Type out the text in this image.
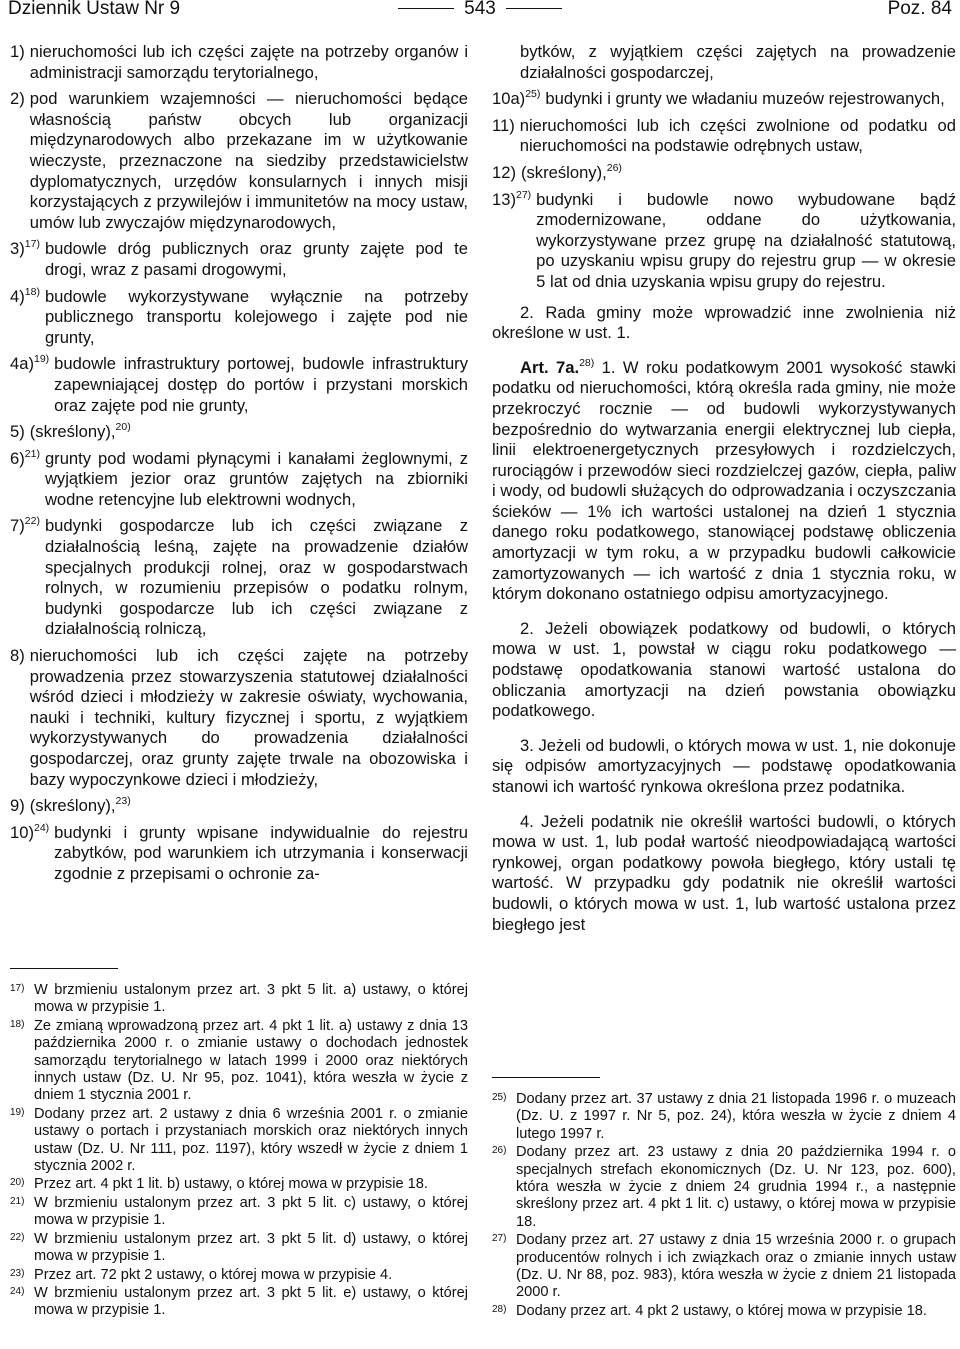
Dziennik Ustaw Nr 9	543	Poz. 84
1) nieruchomości lub ich części zajęte na potrzeby organów i administracji samorządu terytorialnego,
2) pod warunkiem wzajemności — nieruchomości będące własnością państw obcych lub organizacji międzynarodowych albo przekazane im w użytkowanie wieczyste, przeznaczone na siedziby przedstawicielstw dyplomatycznych, urzędów konsularnych i innych misji korzystających z przywilejów i immunitetów na mocy ustaw, umów lub zwyczajów międzynarodowych,
3)$^{17)}$ budowle dróg publicznych oraz grunty zajęte pod te drogi, wraz z pasami drogowymi,
4)$^{18)}$ budowle wykorzystywane wyłącznie na potrzeby publicznego transportu kolejowego i zajęte pod nie grunty,
4a)$^{19)}$ budowle infrastruktury portowej, budowle infrastruktury zapewniającej dostęp do portów i przystani morskich oraz zajęte pod nie grunty,
5) (skreślony),$^{20)}$
6)$^{21)}$ grunty pod wodami płynącymi i kanałami żeglownymi, z wyjątkiem jezior oraz gruntów zajętych na zbiorniki wodne retencyjne lub elektrowni wodnych,
7)$^{22)}$ budynki gospodarcze lub ich części związane z działalnością leśną, zajęte na prowadzenie działów specjalnych produkcji rolnej, oraz w gospodarstwach rolnych, w rozumieniu przepisów o podatku rolnym, budynki gospodarcze lub ich części związane z działalnością rolniczą,
8) nieruchomości lub ich części zajęte na potrzeby prowadzenia przez stowarzyszenia statutowej działalności wśród dzieci i młodzieży w zakresie oświaty, wychowania, nauki i techniki, kultury fizycznej i sportu, z wyjątkiem wykorzystywanych do prowadzenia działalności gospodarczej, oraz grunty zajęte trwale na obozowiska i bazy wypoczynkowe dzieci i młodzieży,
9) (skreślony),$^{23)}$
10)$^{24)}$ budynki i grunty wpisane indywidualnie do rejestru zabytków, pod warunkiem ich utrzymania i konserwacji zgodnie z przepisami o ochronie za-
bytków, z wyjątkiem części zajętych na prowadzenie działalności gospodarczej,
10a)$^{25)}$ budynki i grunty we władaniu muzeów rejestrowanych,
11) nieruchomości lub ich części zwolnione od podatku od nieruchomości na podstawie odrębnych ustaw,
12) (skreślony),$^{26)}$
13)$^{27)}$ budynki i budowle nowo wybudowane bądź zmodernizowane, oddane do użytkowania, wykorzystywane przez grupę na działalność statutową, po uzyskaniu wpisu grupy do rejestru grup — w okresie 5 lat od dnia uzyskania wpisu grupy do rejestru.

2. Rada gminy może wprowadzić inne zwolnienia niż określone w ust. 1.

Art. 7a.$^{28)}$ 1. W roku podatkowym 2001 wysokość stawki podatku od nieruchomości, którą określa rada gminy, nie może przekroczyć rocznie — od budowli wykorzystywanych bezpośrednio do wytwarzania energii elektrycznej lub ciepła, linii elektroenergetycznych przesyłowych i rozdzielczych, rurociągów i przewodów sieci rozdzielczej gazów, ciepła, paliw i wody, od budowli służących do odprowadzania i oczyszczania ścieków — 1% ich wartości ustalonej na dzień 1 stycznia danego roku podatkowego, stanowiącej podstawę obliczenia amortyzacji w tym roku, a w przypadku budowli całkowicie zamortyzowanych — ich wartość z dnia 1 stycznia roku, w którym dokonano ostatniego odpisu amortyzacyjnego.

2. Jeżeli obowiązek podatkowy od budowli, o których mowa w ust. 1, powstał w ciągu roku podatkowego — podstawę opodatkowania stanowi wartość ustalona do obliczania amortyzacji na dzień powstania obowiązku podatkowego.

3. Jeżeli od budowli, o których mowa w ust. 1, nie dokonuje się odpisów amortyzacyjnych — podstawę opodatkowania stanowi ich wartość rynkowa określona przez podatnika.

4. Jeżeli podatnik nie określił wartości budowli, o których mowa w ust. 1, lub podał wartość nieodpowiadającą wartości rynkowej, organ podatkowy powoła biegłego, który ustali tę wartość. W przypadku gdy podatnik nie określił wartości budowli, o których mowa w ust. 1, lub wartość ustalona przez biegłego jest

17) W brzmieniu ustalonym przez art. 3 pkt 5 lit. a) ustawy, o której mowa w przypisie 1.
18) Ze zmianą wprowadzoną przez art. 4 pkt 1 lit. a) ustawy z dnia 13 października 2000 r. o zmianie ustawy o dochodach jednostek samorządu terytorialnego w latach 1999 i 2000 oraz niektórych innych ustaw (Dz. U. Nr 95, poz. 1041), która weszła w życie z dniem 1 stycznia 2001 r.
19) Dodany przez art. 2 ustawy z dnia 6 września 2001 r. o zmianie ustawy o portach i przystaniach morskich oraz niektórych innych ustaw (Dz. U. Nr 111, poz. 1197), który wszedł w życie z dniem 1 stycznia 2002 r.
20) Przez art. 4 pkt 1 lit. b) ustawy, o której mowa w przypisie 18.
21) W brzmieniu ustalonym przez art. 3 pkt 5 lit. c) ustawy, o której mowa w przypisie 1.
22) W brzmieniu ustalonym przez art. 3 pkt 5 lit. d) ustawy, o której mowa w przypisie 1.
23) Przez art. 72 pkt 2 ustawy, o której mowa w przypisie 4.
24) W brzmieniu ustalonym przez art. 3 pkt 5 lit. e) ustawy, o której mowa w przypisie 1.
25) Dodany przez art. 37 ustawy z dnia 21 listopada 1996 r. o muzeach (Dz. U. z 1997 r. Nr 5, poz. 24), która weszła w życie z dniem 4 lutego 1997 r.
26) Dodany przez art. 23 ustawy z dnia 20 października 1994 r. o specjalnych strefach ekonomicznych (Dz. U. Nr 123, poz. 600), która weszła w życie z dniem 24 grudnia 1994 r., a następnie skreślony przez art. 4 pkt 1 lit. c) ustawy, o której mowa w przypisie 18.
27) Dodany przez art. 27 ustawy z dnia 15 września 2000 r. o grupach producentów rolnych i ich związkach oraz o zmianie innych ustaw (Dz. U. Nr 88, poz. 983), która weszła w życie z dniem 21 listopada 2000 r.
28) Dodany przez art. 4 pkt 2 ustawy, o której mowa w przypisie 18.
